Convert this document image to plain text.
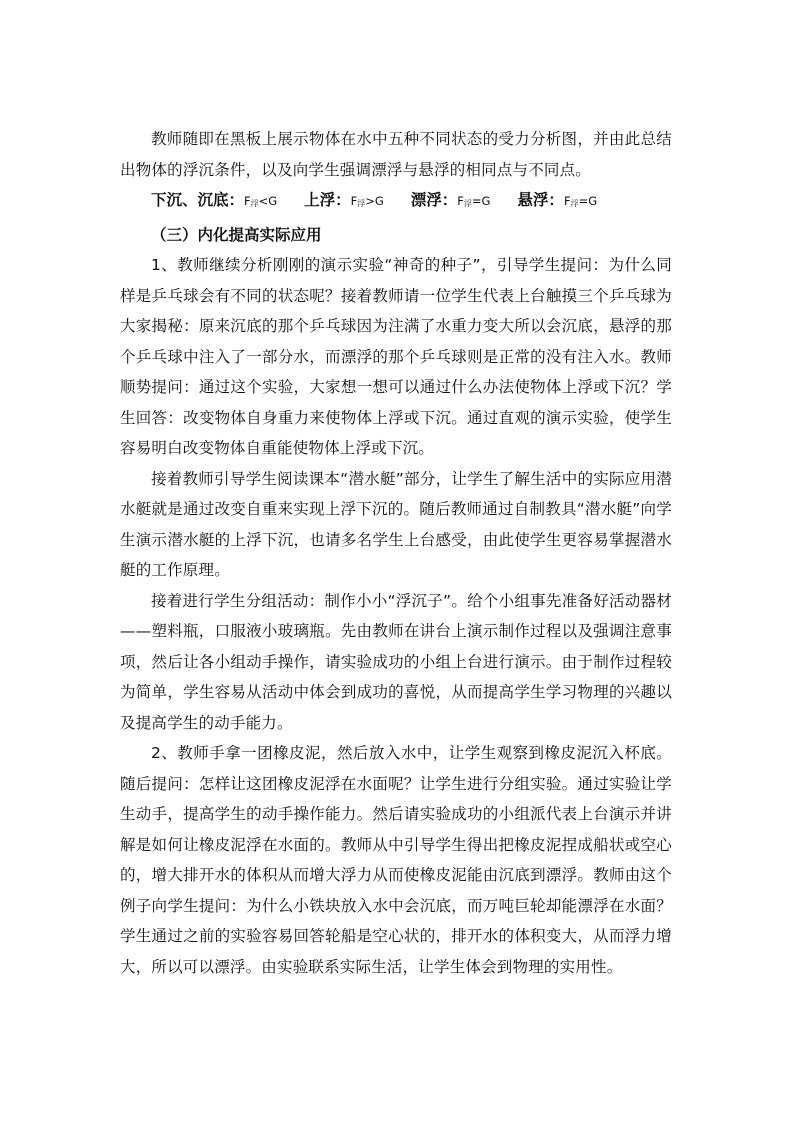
教师随即在黑板上展示物体在水中五种不同状态的受力分析图，并由此总结出物体的浮沉条件，以及向学生强调漂浮与悬浮的相同点与不同点。

下沉、沉底：$F_浮<G$ 上浮：$F_浮>G$ 漂浮：$F_浮=G$ 悬浮：$F_浮=G$

（三）内化提高实际应用

1、教师继续分析刚刚的演示实验“神奇的种子”，引导学生提问：为什么同样是乒乓球会有不同的状态呢？接着教师请一位学生代表上台触摸三个乒乓球为大家揭秘：原来沉底的那个乒乓球因为注满了水重力变大所以会沉底，悬浮的那个乒乓球中注入了一部分水，而漂浮的那个乒乓球则是正常的没有注入水。教师顺势提问：通过这个实验，大家想一想可以通过什么办法使物体上浮或下沉？学生回答：改变物体自身重力来使物体上浮或下沉。通过直观的演示实验，使学生容易明白改变物体自重能使物体上浮或下沉。

接着教师引导学生阅读课本“潜水艇”部分，让学生了解生活中的实际应用潜水艇就是通过改变自重来实现上浮下沉的。随后教师通过自制教具“潜水艇”向学生演示潜水艇的上浮下沉，也请多名学生上台感受，由此使学生更容易掌握潜水艇的工作原理。

接着进行学生分组活动：制作小小“浮沉子”。给个小组事先准备好活动器材——塑料瓶，口服液小玻璃瓶。先由教师在讲台上演示制作过程以及强调注意事项，然后让各小组动手操作，请实验成功的小组上台进行演示。由于制作过程较为简单，学生容易从活动中体会到成功的喜悦，从而提高学生学习物理的兴趣以及提高学生的动手能力。

2、教师手拿一团橡皮泥，然后放入水中，让学生观察到橡皮泥沉入杯底。随后提问：怎样让这团橡皮泥浮在水面呢？让学生进行分组实验。通过实验让学生动手，提高学生的动手操作能力。然后请实验成功的小组派代表上台演示并讲解是如何让橡皮泥浮在水面的。教师从中引导学生得出把橡皮泥捏成船状或空心的，增大排开水的体积从而增大浮力从而使橡皮泥能由沉底到漂浮。教师由这个例子向学生提问：为什么小铁块放入水中会沉底，而万吨巨轮却能漂浮在水面？学生通过之前的实验容易回答轮船是空心状的，排开水的体积变大，从而浮力增大，所以可以漂浮。由实验联系实际生活，让学生体会到物理的实用性。
